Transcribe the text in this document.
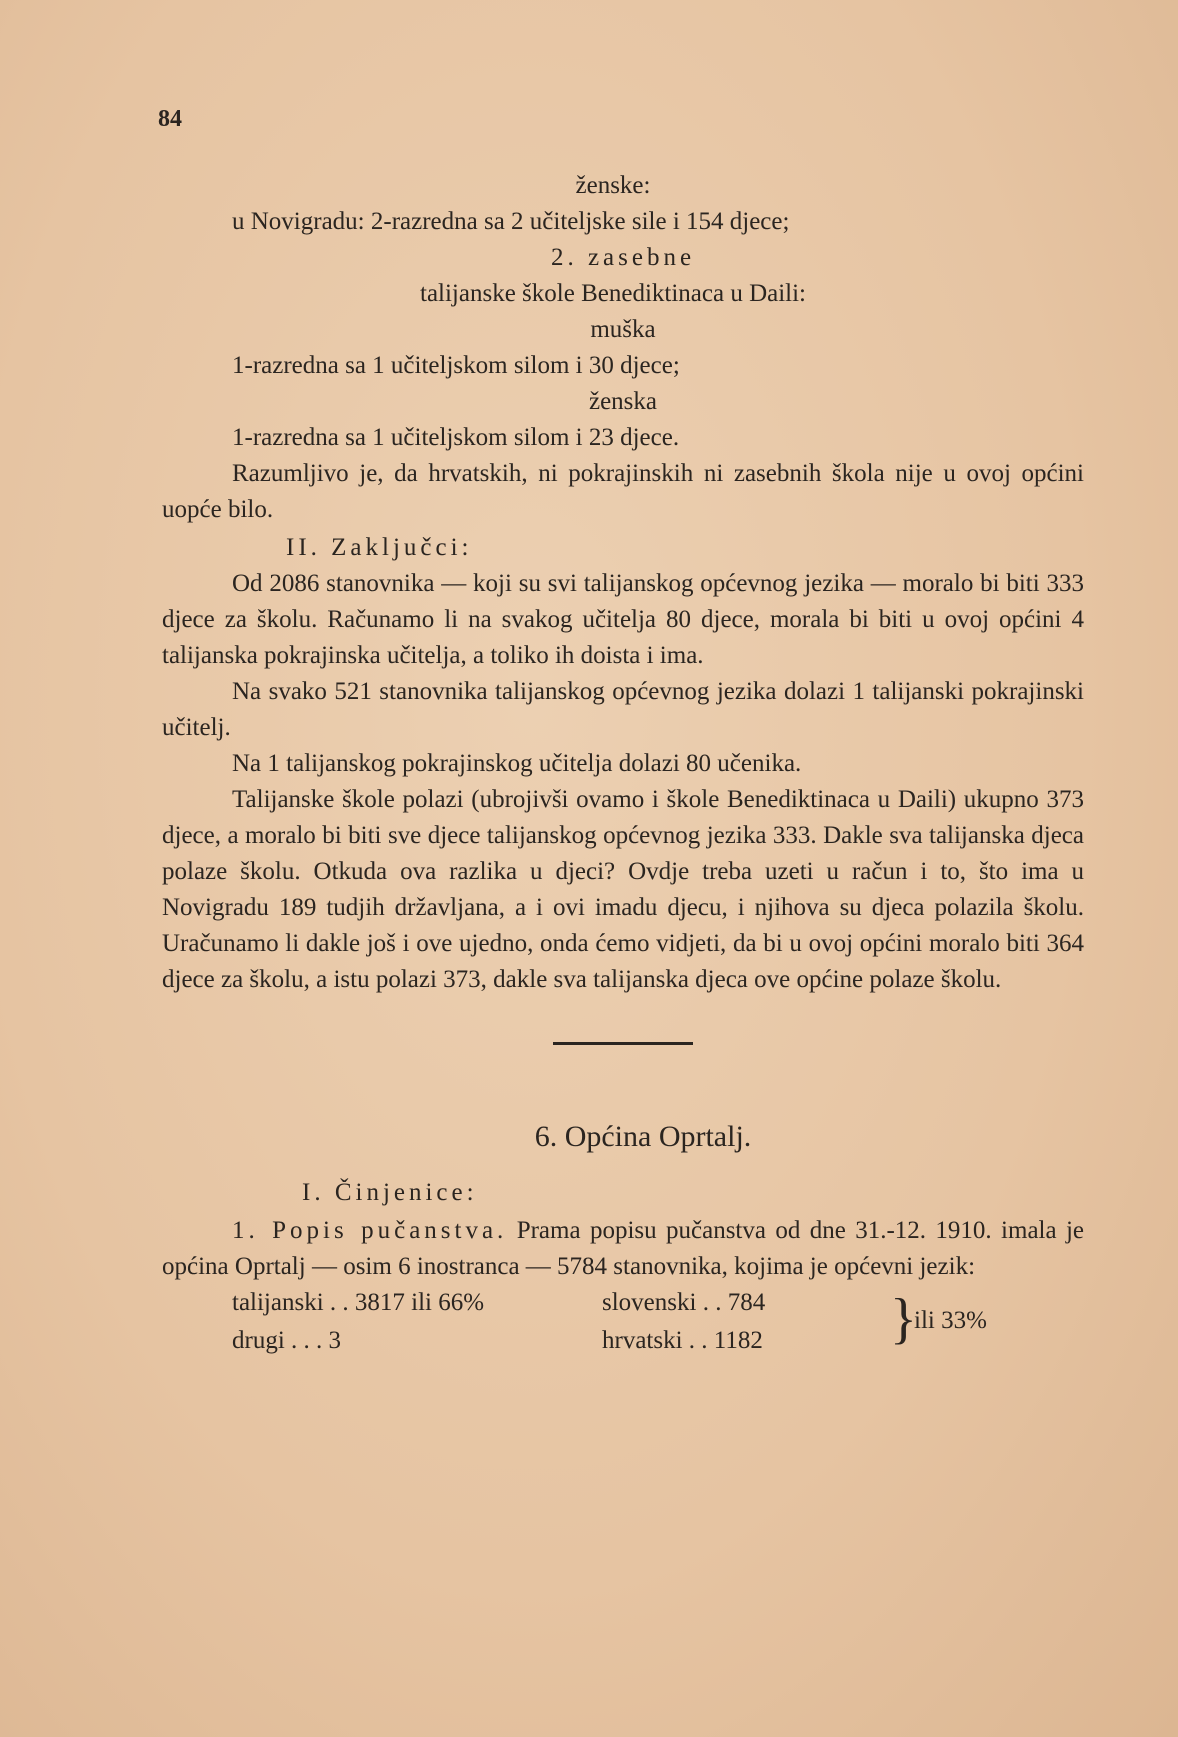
84
ženske:
u Novigradu: 2-razredna sa 2 učiteljske sile i 154 djece;
2. zasebne
talijanske škole Benediktinaca u Daili:
muška
1-razredna sa 1 učiteljskom silom i 30 djece;
ženska
1-razredna sa 1 učiteljskom silom i 23 djece.

Razumljivo je, da hrvatskih, ni pokrajinskih ni zasebnih škola nije u ovoj općini uopće bilo.

II. Zaključci:

Od 2086 stanovnika — koji su svi talijanskog općevnog jezika — moralo bi biti 333 djece za školu. Računamo li na svakog učitelja 80 djece, morala bi biti u ovoj općini 4 talijanska pokrajinska učitelja, a toliko ih doista i ima.

Na svako 521 stanovnika talijanskog općevnog jezika dolazi 1 talijanski pokrajinski učitelj.

Na 1 talijanskog pokrajinskog učitelja dolazi 80 učenika.

Talijanske škole polazi (ubrojivši ovamo i škole Benediktinaca u Daili) ukupno 373 djece, a moralo bi biti sve djece talijanskog općevnog jezika 333. Dakle sva talijanska djeca polaze školu. Otkuda ova razlika u djeci? Ovdje treba uzeti u račun i to, što ima u Novigradu 189 tudjih državljana, a i ovi imadu djecu, i njihova su djeca polazila školu. Uračunamo li dakle još i ove ujedno, onda ćemo vidjeti, da bi u ovoj općini moralo biti 364 djece za školu, a istu polazi 373, dakle sva talijanska djeca ove općine polaze školu.

6. Općina Oprtalj.
I. Činjenice:

1. Popis pučanstva. Prama popisu pučanstva od dne 31.-12. 1910. imala je općina Oprtalj — osim 6 inostranca — 5784 stanovnika, kojima je općevni jezik:

talijanski . . 3817 ili 66%
drugi . . . 3
slovenski . . 784
hrvatski . . 1182 }
ili 33%
